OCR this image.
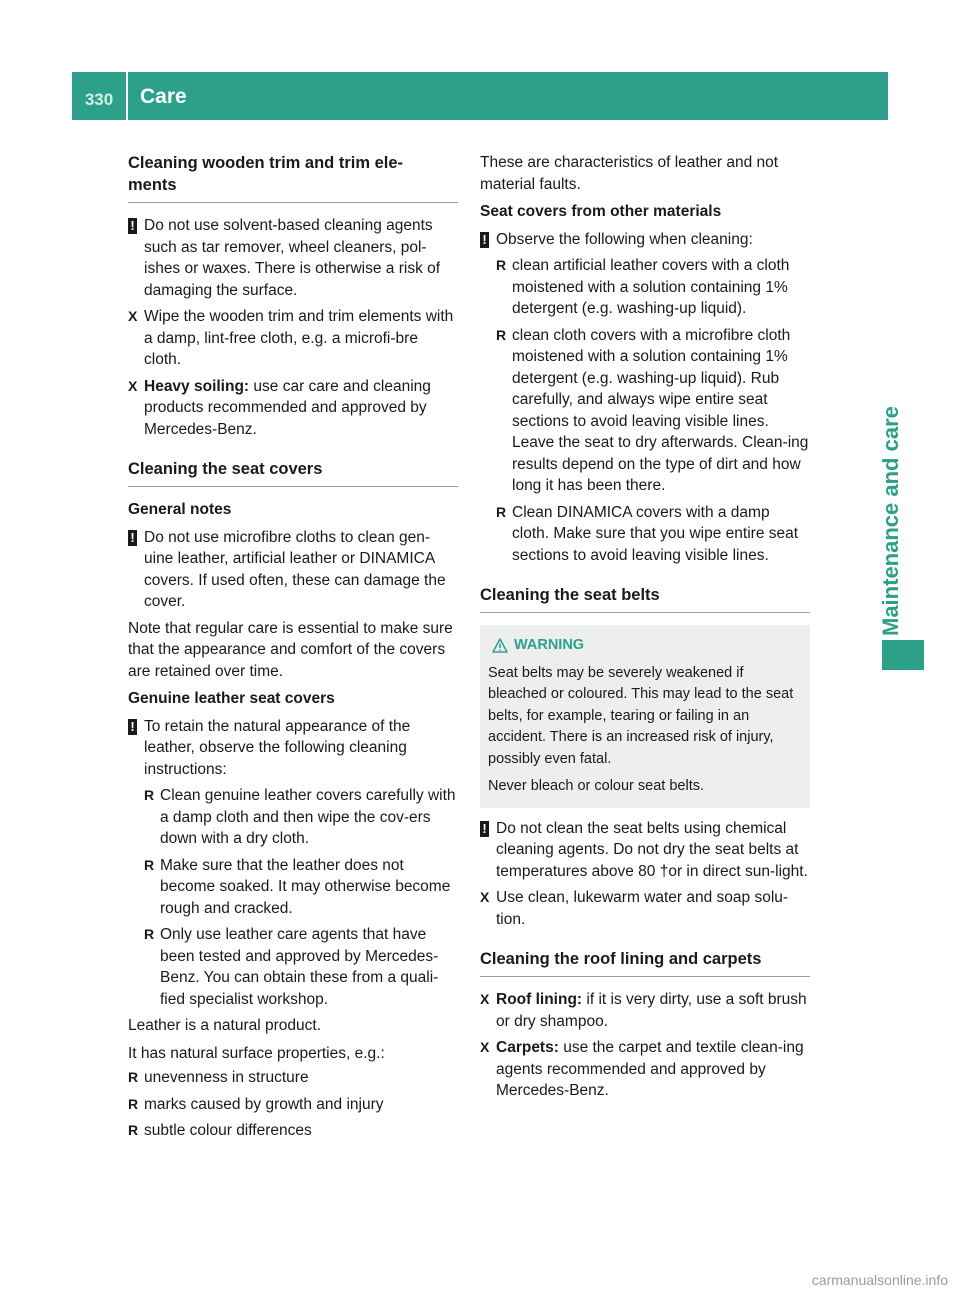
330	Care
Maintenance and care
Cleaning wooden trim and trim ele-
ments
! Do not use solvent-based cleaning agents such as tar remover, wheel cleaners, pol-ishes or waxes. There is otherwise a risk of damaging the surface.
X Wipe the wooden trim and trim elements with a damp, lint-free cloth, e.g. a microfi-bre cloth.
X Heavy soiling: use car care and cleaning products recommended and approved by Mercedes-Benz.
Cleaning the seat covers
General notes
! Do not use microfibre cloths to clean gen-uine leather, artificial leather or DINAMICA covers. If used often, these can damage the cover.

Note that regular care is essential to make sure that the appearance and comfort of the covers are retained over time.

Genuine leather seat covers
! To retain the natural appearance of the leather, observe the following cleaning instructions:
R Clean genuine leather covers carefully with a damp cloth and then wipe the cov-ers down with a dry cloth.
R Make sure that the leather does not become soaked. It may otherwise become rough and cracked.
R Only use leather care agents that have been tested and approved by Mercedes-Benz. You can obtain these from a quali-fied specialist workshop.

Leather is a natural product.

It has natural surface properties, e.g.:

R unevenness in structure
R marks caused by growth and injury
R subtle colour differences

These are characteristics of leather and not material faults.

Seat covers from other materials
! Observe the following when cleaning:
R clean artificial leather covers with a cloth moistened with a solution containing 1% detergent (e.g. washing-up liquid).
R clean cloth covers with a microfibre cloth moistened with a solution containing 1% detergent (e.g. washing-up liquid). Rub carefully, and always wipe entire seat sections to avoid leaving visible lines. Leave the seat to dry afterwards. Clean-ing results depend on the type of dirt and how long it has been there.
R Clean DINAMICA covers with a damp cloth. Make sure that you wipe entire seat sections to avoid leaving visible lines.
Cleaning the seat belts
WARNING

Seat belts may be severely weakened if bleached or coloured. This may lead to the seat belts, for example, tearing or failing in an accident. There is an increased risk of injury, possibly even fatal.

Never bleach or colour seat belts.

! Do not clean the seat belts using chemical cleaning agents. Do not dry the seat belts at temperatures above 80 †or in direct sun-light.
X Use clean, lukewarm water and soap solu-tion.
Cleaning the roof lining and carpets
X Roof lining: if it is very dirty, use a soft brush or dry shampoo.
X Carpets: use the carpet and textile clean-ing agents recommended and approved by Mercedes-Benz.
carmanualsonline.info
